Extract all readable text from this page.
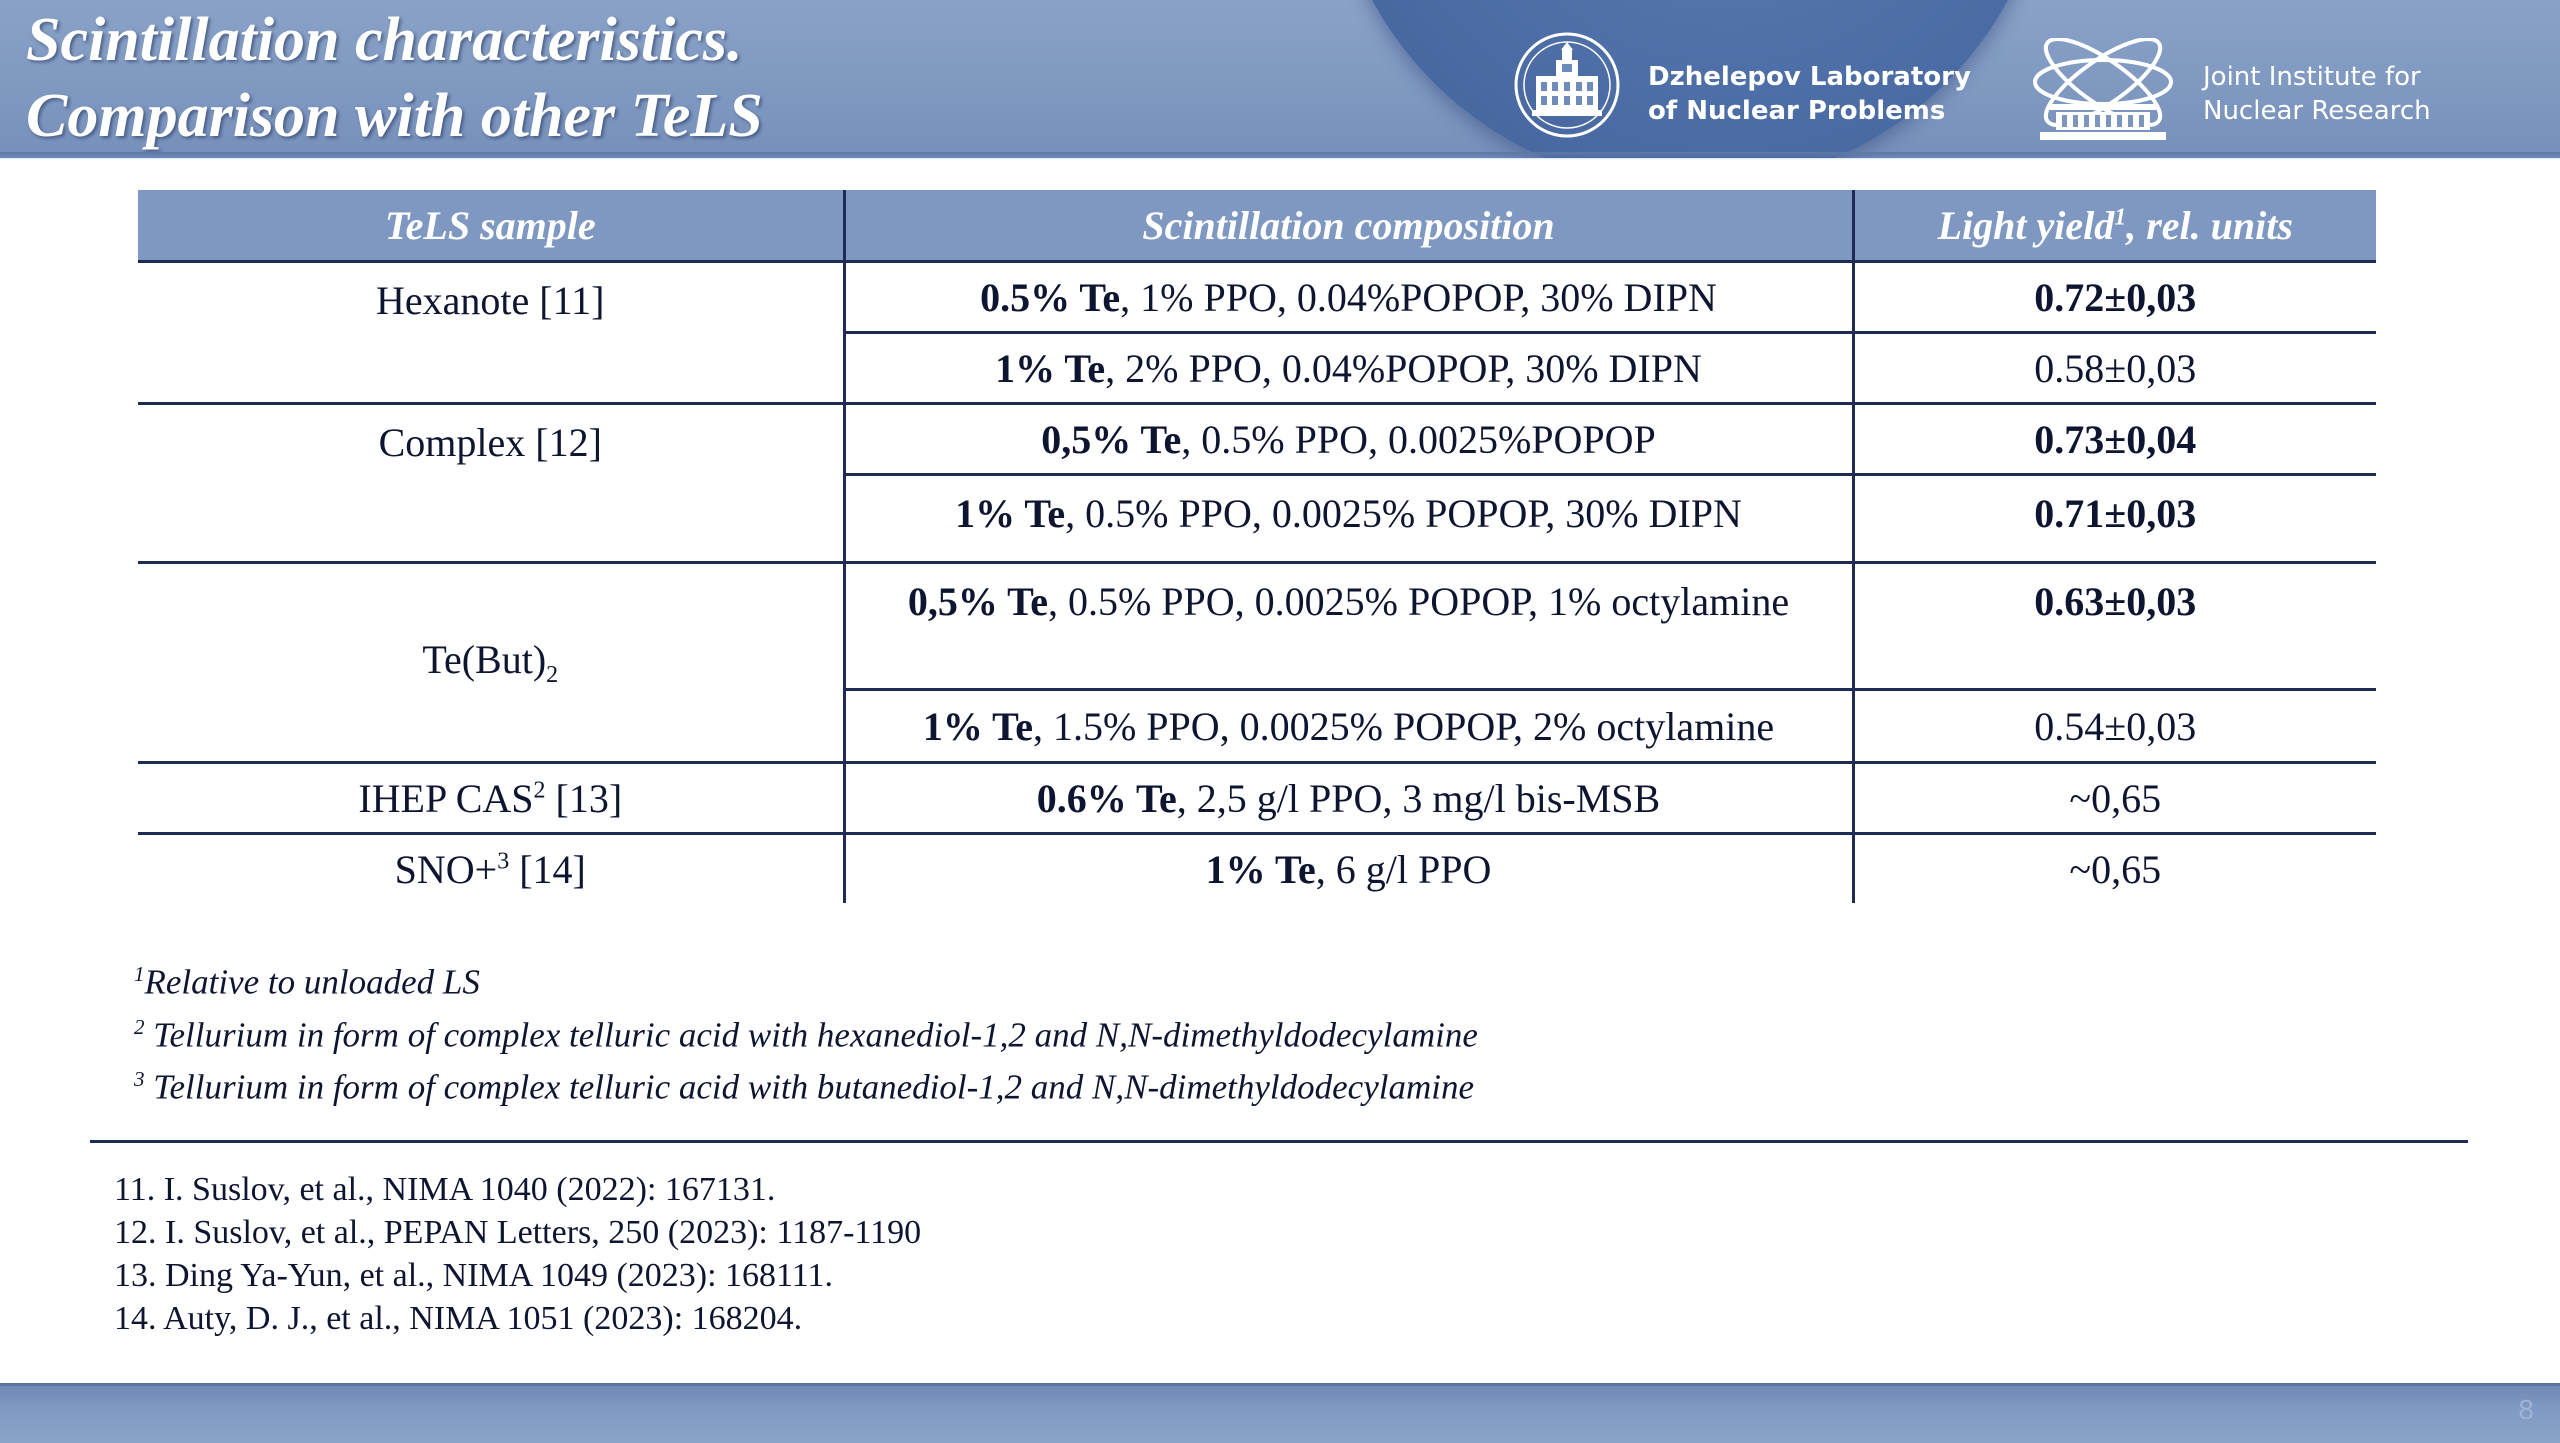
Scintillation characteristics.
Comparison with other TeLS
Dzhelepov Laboratory
of Nuclear Problems
Joint Institute for
Nuclear Research
TeLS sample	Scintillation composition	Light yield$^1$, rel. units
Hexanote [11]	0.5% Te, 1% PPO, 0.04%POPOP, 30% DIPN	0.72±0,03
	1% Te, 2% PPO, 0.04%POPOP, 30% DIPN	0.58±0,03
Complex [12]	0,5% Te, 0.5% PPO, 0.0025%POPOP	0.73±0,04
	1% Te, 0.5% PPO, 0.0025% POPOP, 30% DIPN	0.71±0,03
$Te(But)_2$	0,5% Te, 0.5% PPO, 0.0025% POPOP, 1% octylamine	0.63±0,03
	1% Te, 1.5% PPO, 0.0025% POPOP, 2% octylamine	0.54±0,03
IHEP CAS$^2$ [13]	0.6% Te, 2,5 g/l PPO, 3 mg/l bis-MSB	~0,65
SNO+$^3$ [14]	1% Te, 6 g/l PPO	~0,65
$^1$Relative to unloaded LS
$^2$ Tellurium in form of complex telluric acid with hexanediol-1,2 and N,N-dimethyldodecylamine
$^3$ Tellurium in form of complex telluric acid with butanediol-1,2 and N,N-dimethyldodecylamine
11. I. Suslov, et al., NIMA 1040 (2022): 167131.
12. I. Suslov, et al., PEPAN Letters, 250 (2023): 1187-1190
13. Ding Ya-Yun, et al., NIMA 1049 (2023): 168111.
14. Auty, D. J., et al., NIMA 1051 (2023): 168204.
8
